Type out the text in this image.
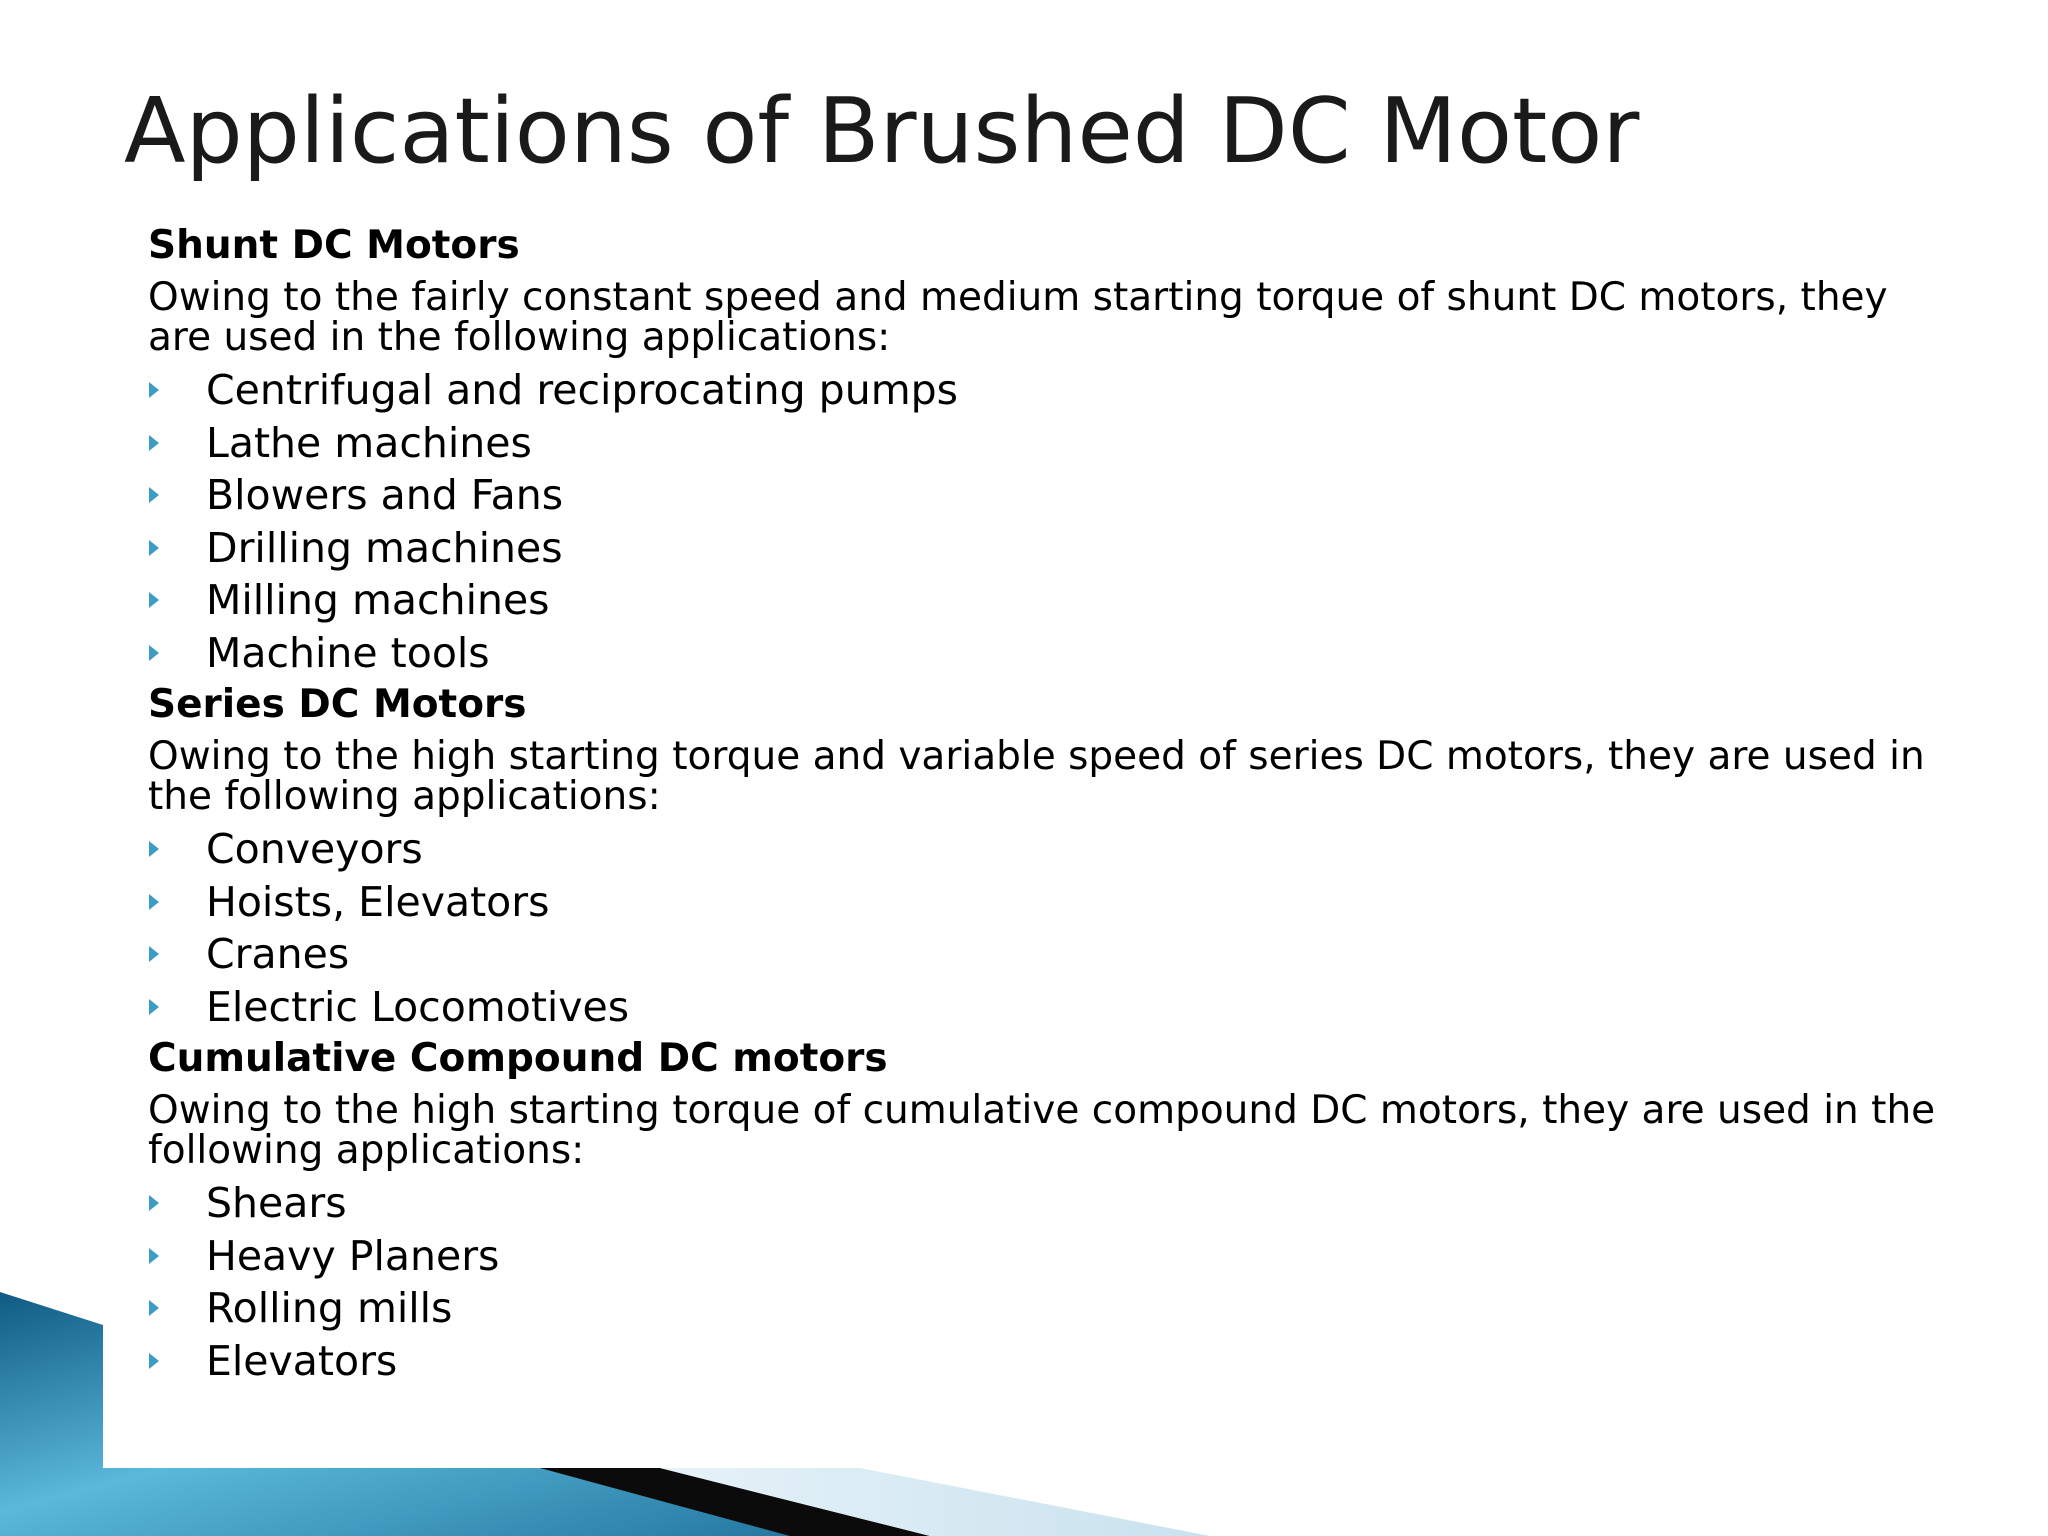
Applications of Brushed DC Motor
Shunt DC Motors
Owing to the fairly constant speed and medium starting torque of shunt DC motors, they are used in the following applications:
Centrifugal and reciprocating pumps
Lathe machines
Blowers and Fans
Drilling machines
Milling machines
Machine tools
Series DC Motors
Owing to the high starting torque and variable speed of series DC motors, they are used in the following applications:
Conveyors
Hoists, Elevators
Cranes
Electric Locomotives
Cumulative Compound DC motors
Owing to the high starting torque of cumulative compound DC motors, they are used in the following applications:
Shears
Heavy Planers
Rolling mills
Elevators
